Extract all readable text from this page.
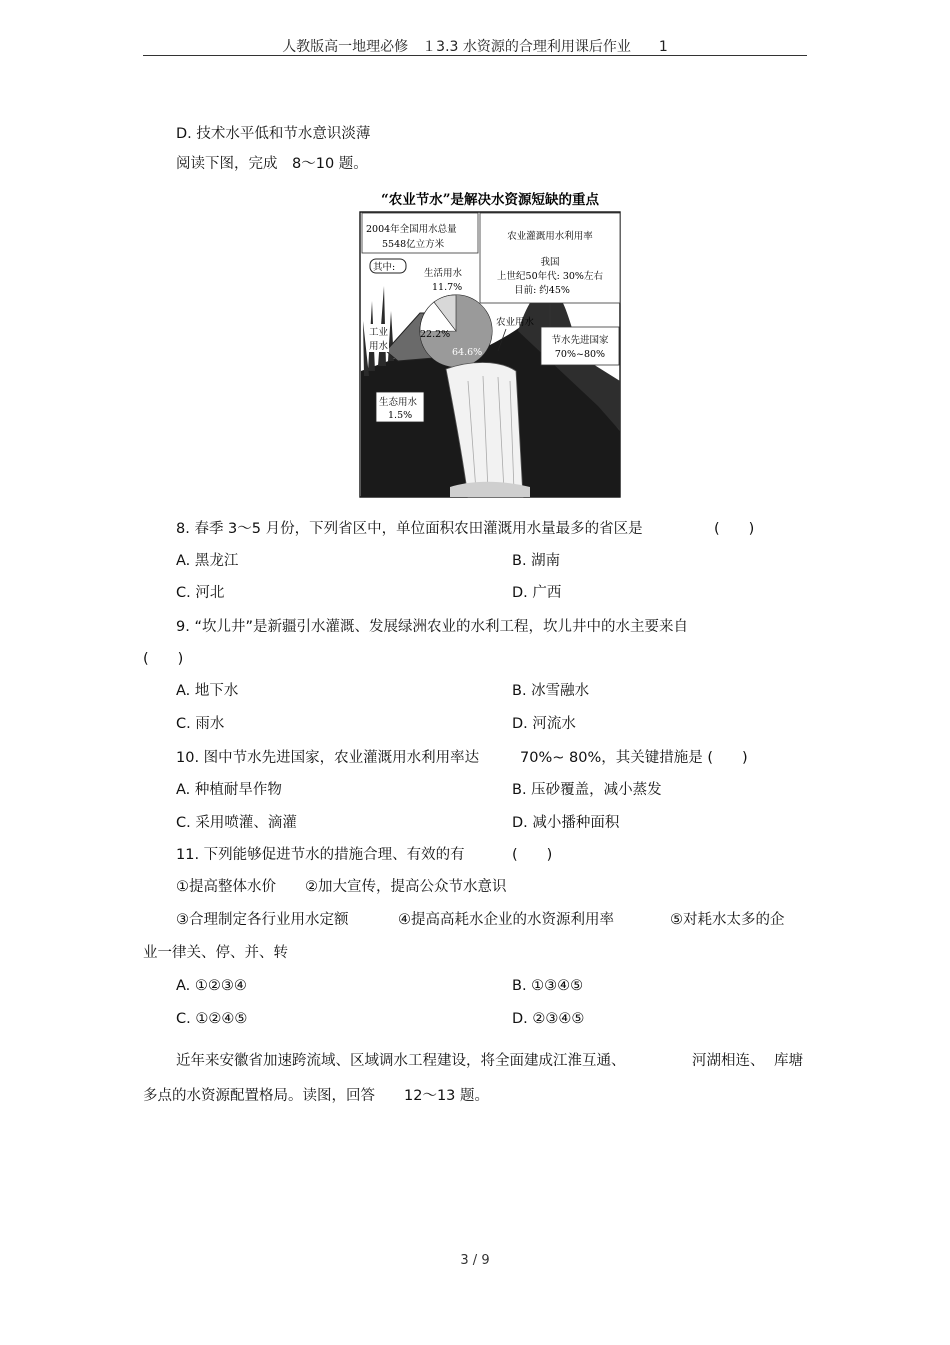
人教版高一地理必修　１3.3 水资源的合理利用课后作业　　1
D. 技术水平低和节水意识淡薄
阅读下图，完成　8～10 题。
“农业节水”是解决水资源短缺的重点
2004年全国用水总量
5548亿立方米
其中:
生活用水
11.7%
工业
用水
22.2%
64.6%
农业用水
生态用水
1.5%
农业灌溉用水利用率
我国
上世纪50年代: 30%左右
目前: 约45%
节水先进国家
70%~80%
8. 春季 3～5 月份，下列省区中，单位面积农田灌溉用水量最多的省区是	(　　)
A. 黑龙江	B. 湖南
C. 河北	D. 广西
9. “坎儿井”是新疆引水灌溉、发展绿洲农业的水利工程，坎儿井中的水主要来自
(　　)
A. 地下水	B. 冰雪融水
C. 雨水	D. 河流水
10. 图中节水先进国家，农业灌溉用水利用率达	70%~ 80%，其关键措施是 (　　)
A. 种植耐旱作物	B. 压砂覆盖，减小蒸发
C. 采用喷灌、滴灌	D. 减小播种面积
11. 下列能够促进节水的措施合理、有效的有	(　　)
①提高整体水价　　②加大宣传，提高公众节水意识
③合理制定各行业用水定额	④提高高耗水企业的水资源利用率	⑤对耗水太多的企
业一律关、停、并、转
A. ①②③④	B. ①③④⑤
C. ①②④⑤	D. ②③④⑤
近年来安徽省加速跨流域、区域调水工程建设，将全面建成江淮互通、	河湖相连、 库塘
多点的水资源配置格局。读图，回答　　12～13 题。
3 / 9
